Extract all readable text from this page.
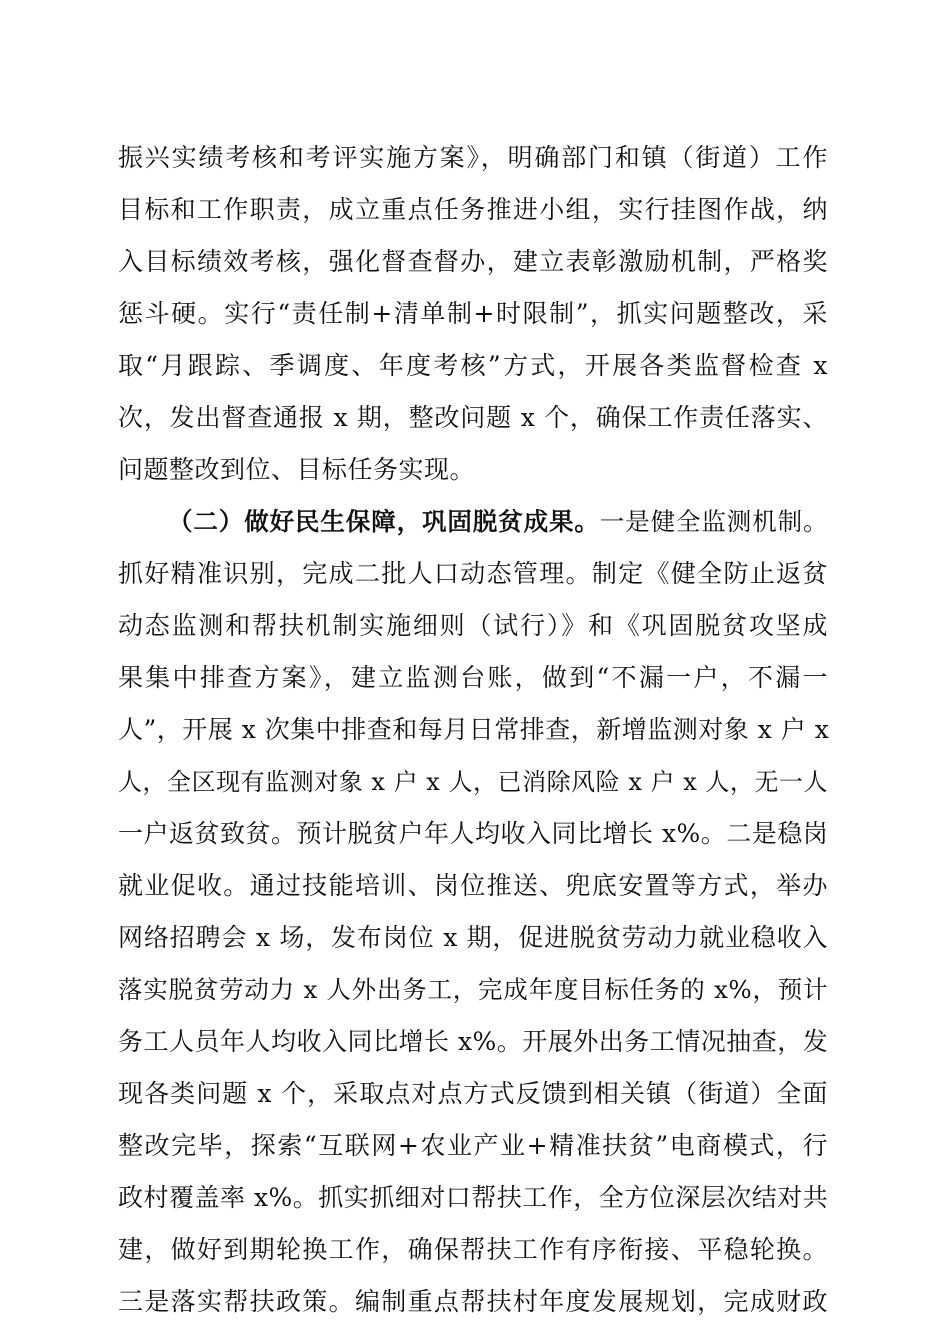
振兴实绩考核和考评实施方案》，明确部门和镇（街道）工作
目标和工作职责，成立重点任务推进小组，实行挂图作战，纳
入目标绩效考核，强化督查督办，建立表彰激励机制，严格奖
惩斗硬。实行“责任制+清单制+时限制”，抓实问题整改，采
取“月跟踪、季调度、年度考核”方式，开展各类监督检查 x
次，发出督查通报 x 期，整改问题 x 个，确保工作责任落实、
问题整改到位、目标任务实现。
（二）做好民生保障，巩固脱贫成果。一是健全监测机制。
抓好精准识别，完成二批人口动态管理。制定《健全防止返贫
动态监测和帮扶机制实施细则（试行）》和《巩固脱贫攻坚成
果集中排查方案》，建立监测台账，做到“不漏一户，不漏一
人”，开展 x 次集中排查和每月日常排查，新增监测对象 x 户 x
人，全区现有监测对象 x 户 x 人，已消除风险 x 户 x 人，无一人
一户返贫致贫。预计脱贫户年人均收入同比增长 x%。二是稳岗
就业促收。通过技能培训、岗位推送、兜底安置等方式，举办
网络招聘会 x 场，发布岗位 x 期，促进脱贫劳动力就业稳收入
落实脱贫劳动力 x 人外出务工，完成年度目标任务的 x%，预计
务工人员年人均收入同比增长 x%。开展外出务工情况抽查，发
现各类问题 x 个，采取点对点方式反馈到相关镇（街道）全面
整改完毕，探索“互联网+农业产业+精准扶贫”电商模式，行
政村覆盖率 x%。抓实抓细对口帮扶工作，全方位深层次结对共
建，做好到期轮换工作，确保帮扶工作有序衔接、平稳轮换。
三是落实帮扶政策。编制重点帮扶村年度发展规划，完成财政
